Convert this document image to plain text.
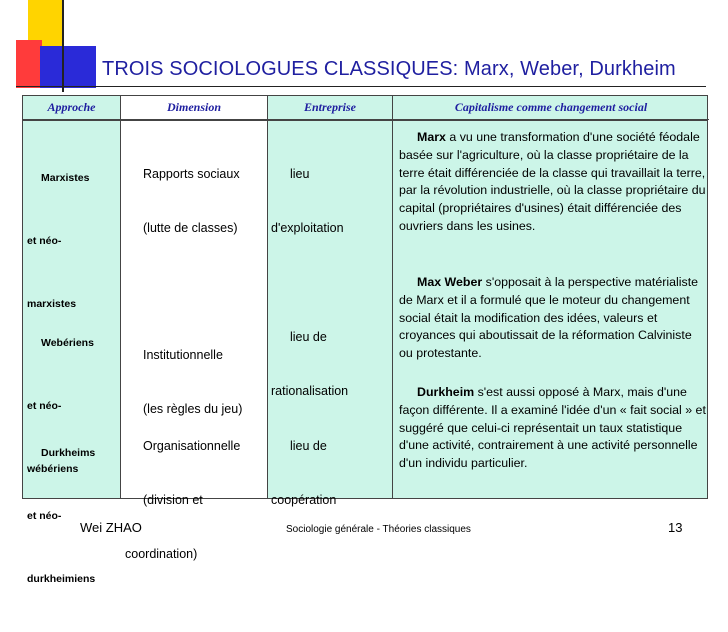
TROIS SOCIOLOGUES CLASSIQUES: Marx, Weber, Durkheim
Approche

Marxistes

et néo-

marxistes

Webériens

et néo-

wébériens

Durkheims

et néo-

durkheimiens

Dimension

Rapports sociaux

(lutte de classes)

Institutionnelle

(les règles du jeu)

Organisationnelle

(division et

coordination)

Entreprise

lieu

d'exploitation

lieu de

rationalisation

lieu de

coopération

Capitalisme comme changement social
Marx a vu une transformation d'une société féodale basée sur l'agriculture, où la classe propriétaire de la terre était différenciée de la classe qui travaillait la terre, par la révolution industrielle, où la classe propriétaire du capital (propriétaires d'usines) était différenciée des ouvriers dans les usines.
Max Weber s'opposait à la perspective matérialiste de Marx et il a formulé que le moteur du changement social était la modification des idées, valeurs et croyances qui aboutissait de la réformation Calviniste ou protestante.
Durkheim s'est aussi opposé à Marx, mais d'une façon différente. Il a examiné l'idée d'un « fait social » et suggéré que celui-ci représentait un taux statistique d'une activité, contrairement à une activité personnelle d'un individu particulier.
Wei ZHAO	Sociologie générale - Théories classiques	13
